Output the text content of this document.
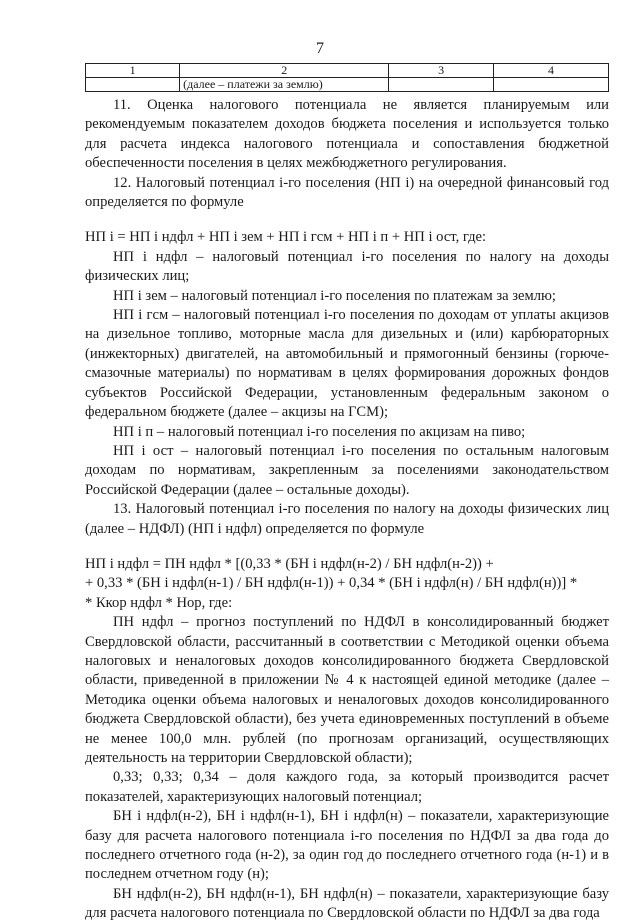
7
1	2	3	4
	(далее – платежи за землю)		

11. Оценка налогового потенциала не является планируемым или рекомендуемым показателем доходов бюджета поселения и используется только для расчета индекса налогового потенциала и сопоставления бюджетной обеспеченности поселения в целях межбюджетного регулирования.

12. Налоговый потенциал i-го поселения (НП i) на очередной финансовый год определяется по формуле

НП i = НП i ндфл + НП i зем + НП i гсм + НП i п + НП i ост, где:

НП i ндфл – налоговый потенциал i-го поселения по налогу на доходы физических лиц;

НП i зем – налоговый потенциал i-го поселения по платежам за землю;

НП i гсм – налоговый потенциал i-го поселения по доходам от уплаты акцизов на дизельное топливо, моторные масла для дизельных и (или) карбюраторных (инжекторных) двигателей, на автомобильный и прямогонный бензины (горюче-смазочные материалы) по нормативам в целях формирования дорожных фондов субъектов Российской Федерации, установленным федеральным законом о федеральном бюджете (далее – акцизы на ГСМ);

НП i п – налоговый потенциал i-го поселения по акцизам на пиво;

НП i ост – налоговый потенциал i-го поселения по остальным налоговым доходам по нормативам, закрепленным за поселениями законодательством Российской Федерации (далее – остальные доходы).

13. Налоговый потенциал i-го поселения по налогу на доходы физических лиц (далее – НДФЛ) (НП i ндфл) определяется по формуле

НП i ндфл = ПН ндфл * [(0,33 * (БН i ндфл(н-2) / БН ндфл(н-2)) +

+ 0,33 * (БН i ндфл(н-1) / БН ндфл(н-1)) + 0,34 * (БН i ндфл(н) / БН ндфл(н))] *

* Ккор ндфл * Нор, где:

ПН ндфл – прогноз поступлений по НДФЛ в консолидированный бюджет Свердловской области, рассчитанный в соответствии с Методикой оценки объема налоговых и неналоговых доходов консолидированного бюджета Свердловской области, приведенной в приложении № 4 к настоящей единой методике (далее – Методика оценки объема налоговых и неналоговых доходов консолидированного бюджета Свердловской области), без учета единовременных поступлений в объеме не менее 100,0 млн. рублей (по прогнозам организаций, осуществляющих деятельность на территории Свердловской области);

0,33; 0,33; 0,34 – доля каждого года, за который производится расчет показателей, характеризующих налоговый потенциал;

БН i ндфл(н-2), БН i ндфл(н-1), БН i ндфл(н) – показатели, характеризующие базу для расчета налогового потенциала i-го поселения по НДФЛ за два года до последнего отчетного года (н-2), за один год до последнего отчетного года (н-1) и в последнем отчетном году (н);

БН ндфл(н-2), БН ндфл(н-1), БН ндфл(н) – показатели, характеризующие базу для расчета налогового потенциала по Свердловской области по НДФЛ за два года
